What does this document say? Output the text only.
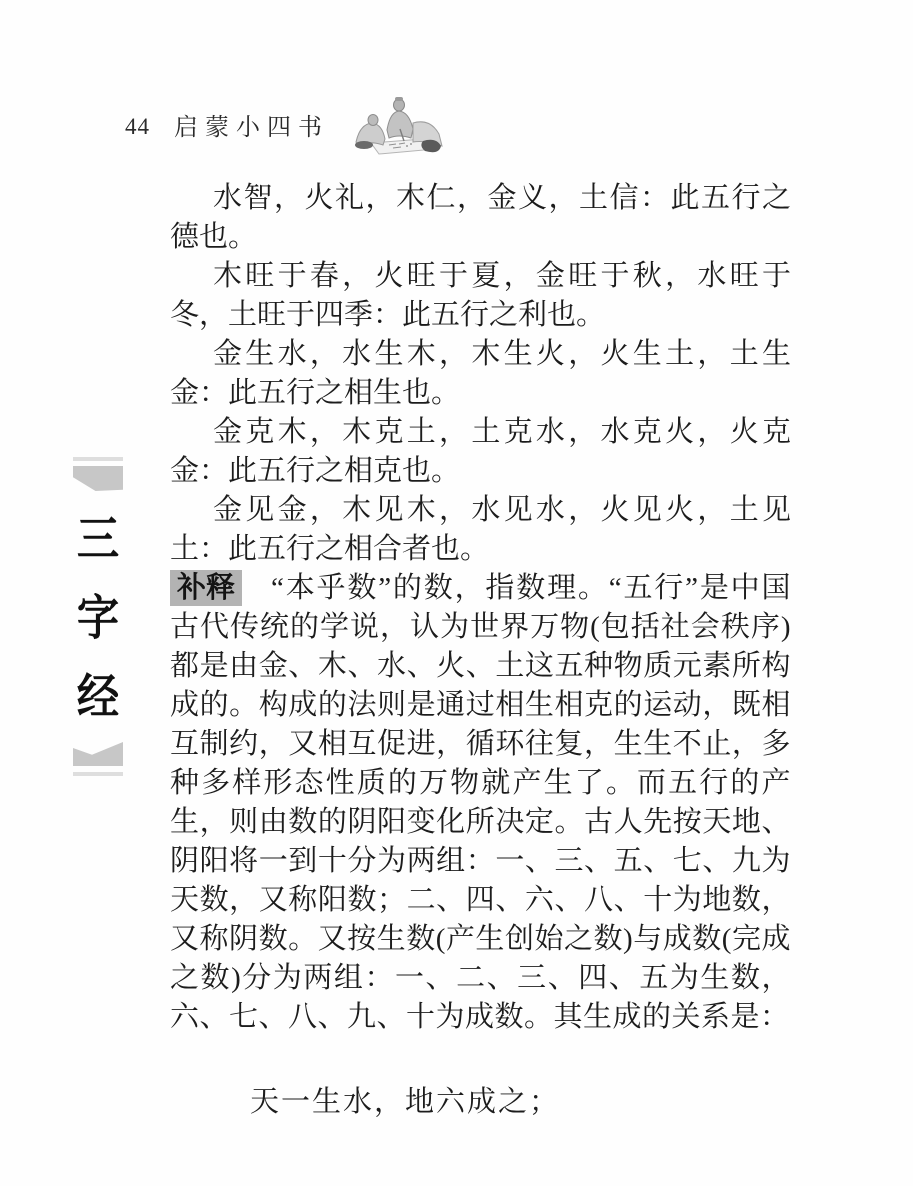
44 启蒙小四书
三
字
经

水智，火礼，木仁，金义，土信：此五行之德也。

木旺于春，火旺于夏，金旺于秋，水旺于冬，土旺于四季：此五行之利也。

金生水，水生木，木生火，火生土，土生金：此五行之相生也。

金克木，木克土，土克水，水克火，火克金：此五行之相克也。

金见金，木见木，水见水，火见火，土见土：此五行之相合者也。

补释 “本乎数”的数，指数理。“五行”是中国古代传统的学说，认为世界万物(包括社会秩序)都是由金、木、水、火、土这五种物质元素所构成的。构成的法则是通过相生相克的运动，既相互制约，又相互促进，循环往复，生生不止，多种多样形态性质的万物就产生了。而五行的产生，则由数的阴阳变化所决定。古人先按天地、阴阳将一到十分为两组：一、三、五、七、九为天数，又称阳数；二、四、六、八、十为地数，又称阴数。又按生数(产生创始之数)与成数(完成之数)分为两组：一、二、三、四、五为生数，六、七、八、九、十为成数。其生成的关系是：

天一生水，地六成之；
